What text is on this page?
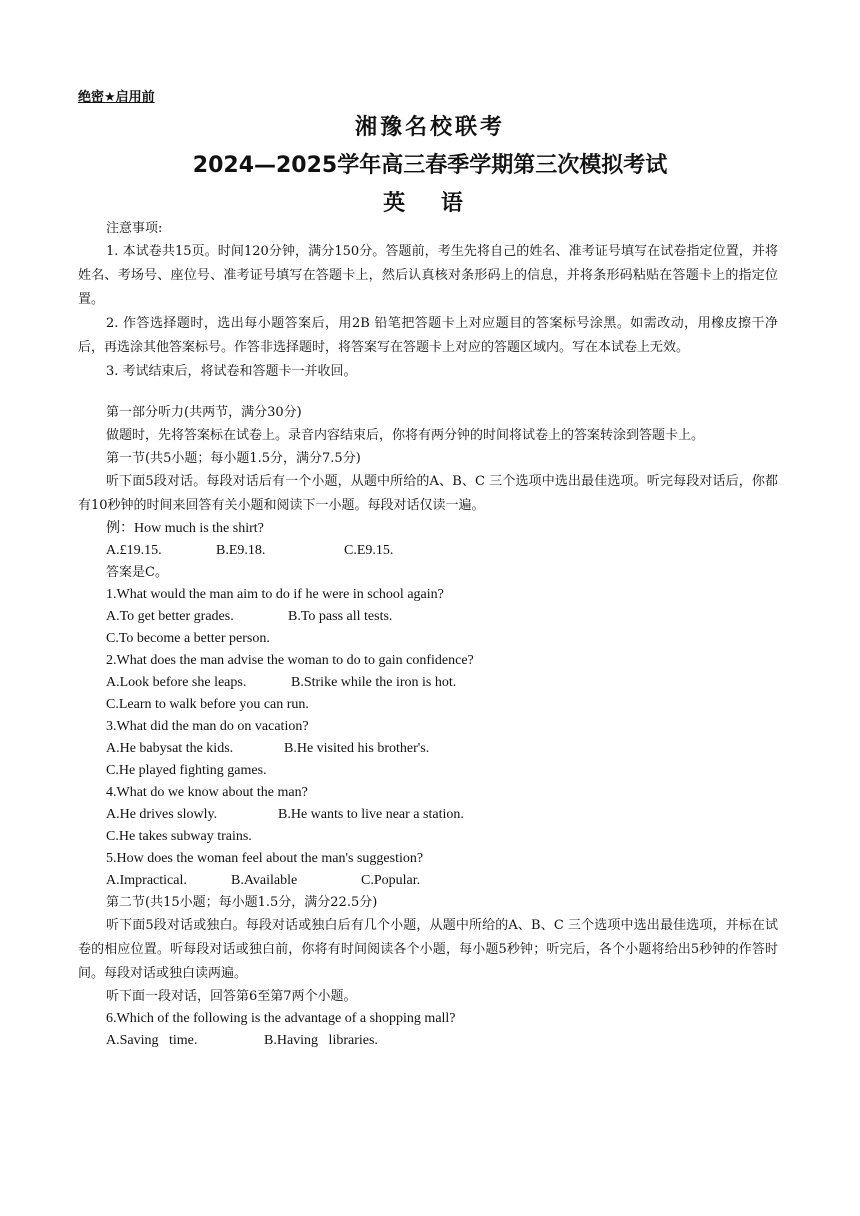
绝密★启用前
湘豫名校联考
2024—2025学年高三春季学期第三次模拟考试
英 语
注意事项:

1. 本试卷共15页。时间120分钟，满分150分。答题前，考生先将自己的姓名、准考证号填写在试卷指定位置，并将姓名、考场号、座位号、准考证号填写在答题卡上，然后认真核对条形码上的信息，并将条形码粘贴在答题卡上的指定位置。

2. 作答选择题时，选出每小题答案后，用2B 铅笔把答题卡上对应题目的答案标号涂黑。如需改动，用橡皮擦干净后，再选涂其他答案标号。作答非选择题时，将答案写在答题卡上对应的答题区域内。写在本试卷上无效。

3. 考试结束后，将试卷和答题卡一并收回。

第一部分听力(共两节，满分30分)

做题时，先将答案标在试卷上。录音内容结束后，你将有两分钟的时间将试卷上的答案转涂到答题卡上。

第一节(共5小题；每小题1.5分，满分7.5分)

听下面5段对话。每段对话后有一个小题，从题中所给的A、B、C 三个选项中选出最佳选项。听完每段对话后，你都有10秒钟的时间来回答有关小题和阅读下一小题。每段对话仅读一遍。

例：How much is the shirt?
A.£19.15.	B.E9.18.	C.E9.15.
答案是C。
1.What would the man aim to do if he were in school again?
A.To get better grades.	B.To pass all tests.
C.To become a better person.
2.What does the man advise the woman to do to gain confidence?
A.Look before she leaps.	B.Strike while the iron is hot.
C.Learn to walk before you can run.
3.What did the man do on vacation?
A.He babysat the kids.	B.He visited his brother's.
C.He played fighting games.
4.What do we know about the man?
A.He drives slowly.	B.He wants to live near a station.
C.He takes subway trains.
5.How does the woman feel about the man's suggestion?
A.Impractical.	B.Available	C.Popular.
第二节(共15小题；每小题1.5分，满分22.5分)

听下面5段对话或独白。每段对话或独白后有几个小题，从题中所给的A、B、C 三个选项中选出最佳选项，并标在试卷的相应位置。听每段对话或独白前，你将有时间阅读各个小题，每小题5秒钟；听完后，各个小题将给出5秒钟的作答时间。每段对话或独白读两遍。

听下面一段对话，回答第6至第7两个小题。
6.Which of the following is the advantage of a shopping mall?
A.Saving   time.	B.Having   libraries.
